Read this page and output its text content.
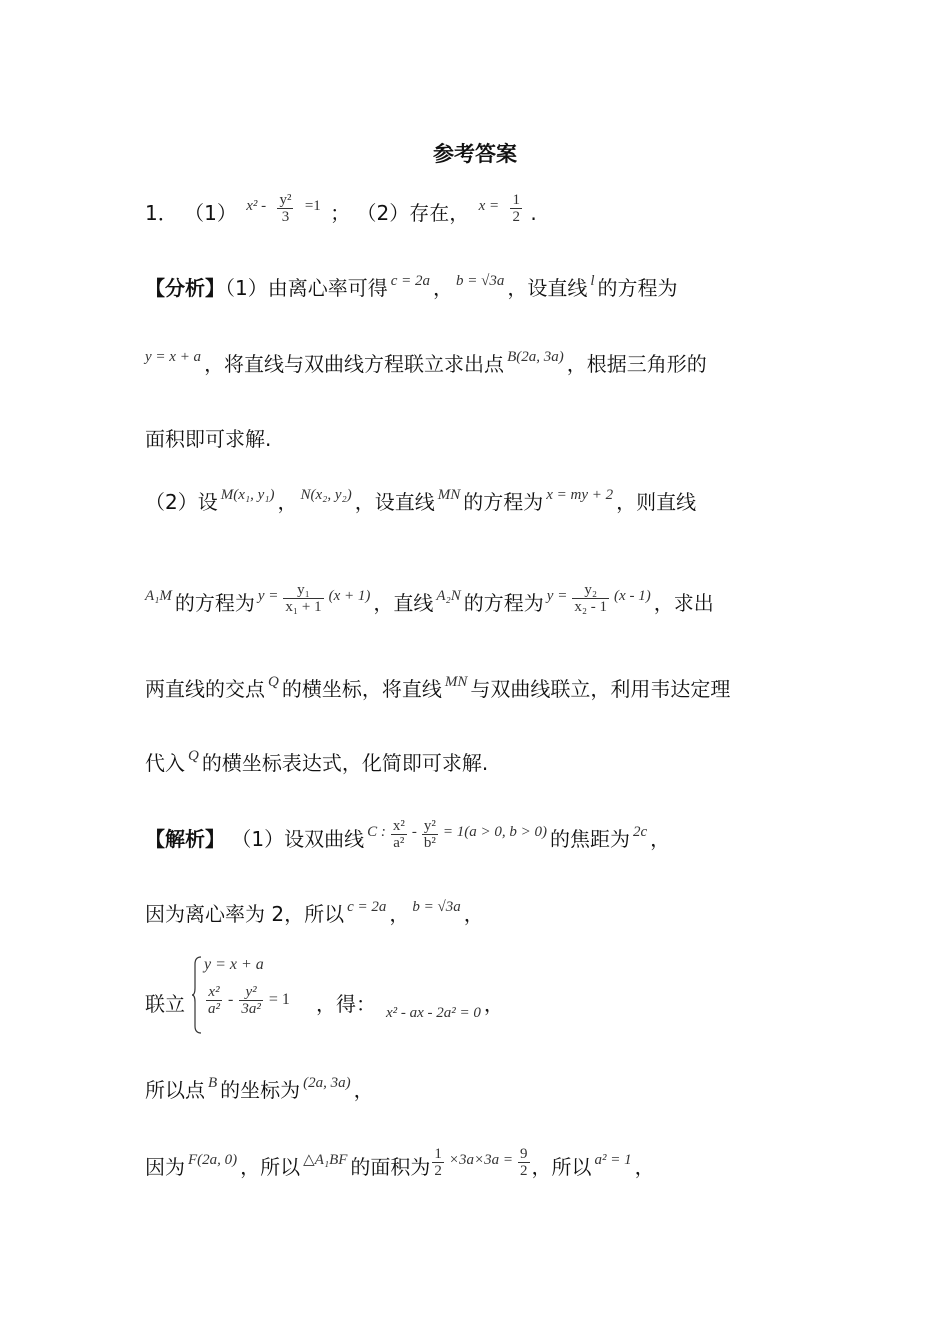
参考答案
1． （1） $^{x^2 -} \frac{\text{y²}}{3} ^{=1}$ ； （2）存在， $^{x =} \frac{1}{2}$ .
【分析】（1）由离心率可得 $^{c = 2a}$ ， $^{b = √3a}$ ，设直线 $^l$ 的方程为
$^{y = x + a}$ ，将直线与双曲线方程联立求出点 $^{B(2a, 3a)}$ ，根据三角形的
面积即可求解.
（2）设 $^{M(x_1, y_1)}$ ， $^{N(x_2, y_2)}$ ，设直线 $^{MN}$ 的方程为 $^{x = my + 2}$ ，则直线
$^{A_1M}$ 的方程为 $^{y =} \frac{\text{y₁}}{\text{x₁ + 1}} ^{(x + 1)}$ ，直线 $^{A_2N}$ 的方程为 $^{y =} \frac{\text{y₂}}{\text{x₂ - 1}} ^{(x - 1)}$ ，求出
两直线的交点 $^Q$ 的横坐标，将直线 $^{MN}$ 与双曲线联立，利用韦达定理
代入 $^Q$ 的横坐标表达式，化简即可求解.
【解析】 （1）设双曲线 $^{C :} \frac{\text{x²}}{\text{a²}} ^- \frac{\text{y²}}{\text{b²}} ^{= 1(a > 0, b > 0)}$ 的焦距为 $^{2c}$ ，
因为离心率为 2，所以 $^{c = 2a}$ ， $^{b = √3a}$ ，
y = x + a
$\frac{\text{x²}}{\text{a²}} - \frac{\text{y²}}{\text{3a²}} = 1$
联立	，得： $_{x^2 - ax - 2a^2 = 0}$ ，
所以点 $^B$ 的坐标为 $^{(2a, 3a)}$ ，
因为 $^{F(2a, 0)}$ ，所以 $^{\triangle A_1BF}$ 的面积为 $\frac{1}{2} ^{\times 3a\times 3a =} \frac{9}{2}$ ，所以 $^{a^2 = 1}$ ，
